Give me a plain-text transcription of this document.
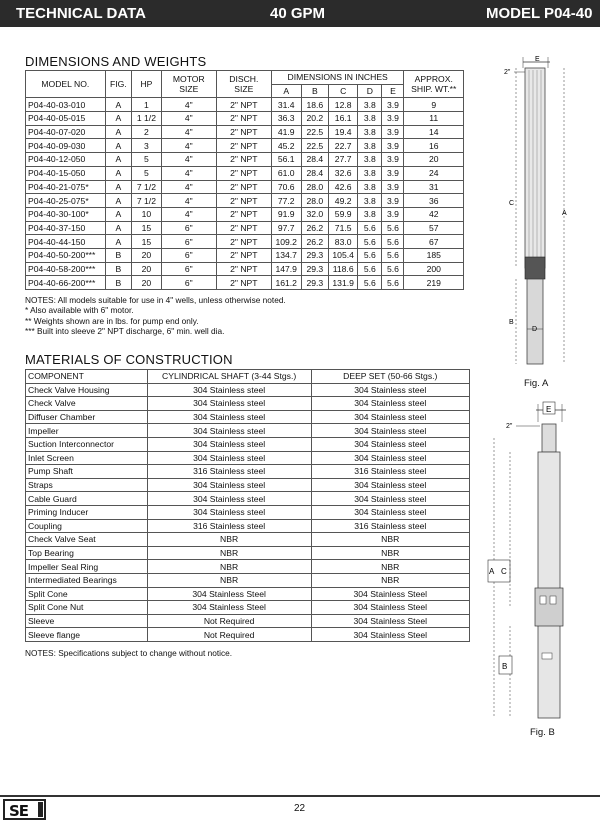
TECHNICAL DATA	40 GPM	MODEL P04-40
DIMENSIONS AND WEIGHTS
MODEL NO.	FIG.	HP	MOTOR SIZE	DISCH. SIZE	DIMENSIONS IN INCHES					APPROX. SHIP. WT.**
					A	B	C	D	E	
P04-40-03-010	A	1	4"	2" NPT	31.4	18.6	12.8	3.8	3.9	9
P04-40-05-015	A	1 1/2	4"	2" NPT	36.3	20.2	16.1	3.8	3.9	11
P04-40-07-020	A	2	4"	2" NPT	41.9	22.5	19.4	3.8	3.9	14
P04-40-09-030	A	3	4"	2" NPT	45.2	22.5	22.7	3.8	3.9	16
P04-40-12-050	A	5	4"	2" NPT	56.1	28.4	27.7	3.8	3.9	20
P04-40-15-050	A	5	4"	2" NPT	61.0	28.4	32.6	3.8	3.9	24
P04-40-21-075*	A	7 1/2	4"	2" NPT	70.6	28.0	42.6	3.8	3.9	31
P04-40-25-075*	A	7 1/2	4"	2" NPT	77.2	28.0	49.2	3.8	3.9	36
P04-40-30-100*	A	10	4"	2" NPT	91.9	32.0	59.9	3.8	3.9	42
P04-40-37-150	A	15	6"	2" NPT	97.7	26.2	71.5	5.6	5.6	57
P04-40-44-150	A	15	6"	2" NPT	109.2	26.2	83.0	5.6	5.6	67
P04-40-50-200***	B	20	6"	2" NPT	134.7	29.3	105.4	5.6	5.6	185
P04-40-58-200***	B	20	6"	2" NPT	147.9	29.3	118.6	5.6	5.6	200
P04-40-66-200***	B	20	6"	2" NPT	161.2	29.3	131.9	5.6	5.6	219
NOTES: All models suitable for use in 4" wells, unless otherwise noted.
* Also available with 6" motor.
** Weights shown are in lbs. for pump end only.
*** Built into sleeve 2" NPT discharge, 6" min. well dia.
MATERIALS OF CONSTRUCTION
COMPONENT	CYLINDRICAL SHAFT (3-44 Stgs.)	DEEP SET (50-66 Stgs.)
Check Valve Housing	304 Stainless steel	304 Stainless steel
Check Valve	304 Stainless steel	304 Stainless steel
Diffuser Chamber	304 Stainless steel	304 Stainless steel
Impeller	304 Stainless steel	304 Stainless steel
Suction Interconnector	304 Stainless steel	304 Stainless steel
Inlet Screen	304 Stainless steel	304 Stainless steel
Pump Shaft	316 Stainless steel	316 Stainless steel
Straps	304 Stainless steel	304 Stainless steel
Cable Guard	304 Stainless steel	304 Stainless steel
Priming Inducer	304 Stainless steel	304 Stainless steel
Coupling	316 Stainless steel	316 Stainless steel
Check Valve Seat	NBR	NBR
Top Bearing	NBR	NBR
Impeller Seal Ring	NBR	NBR
Intermediated Bearings	NBR	NBR
Split Cone	304 Stainless Steel	304 Stainless Steel
Split Cone Nut	304 Stainless Steel	304 Stainless Steel
Sleeve	Not Required	304 Stainless Steel
Sleeve flange	Not Required	304 Stainless Steel
NOTES: Specifications subject to change without notice.
E
2"
C
A
B
D
Fig. A
E
2"
A C
B
Fig. B
SE	22
